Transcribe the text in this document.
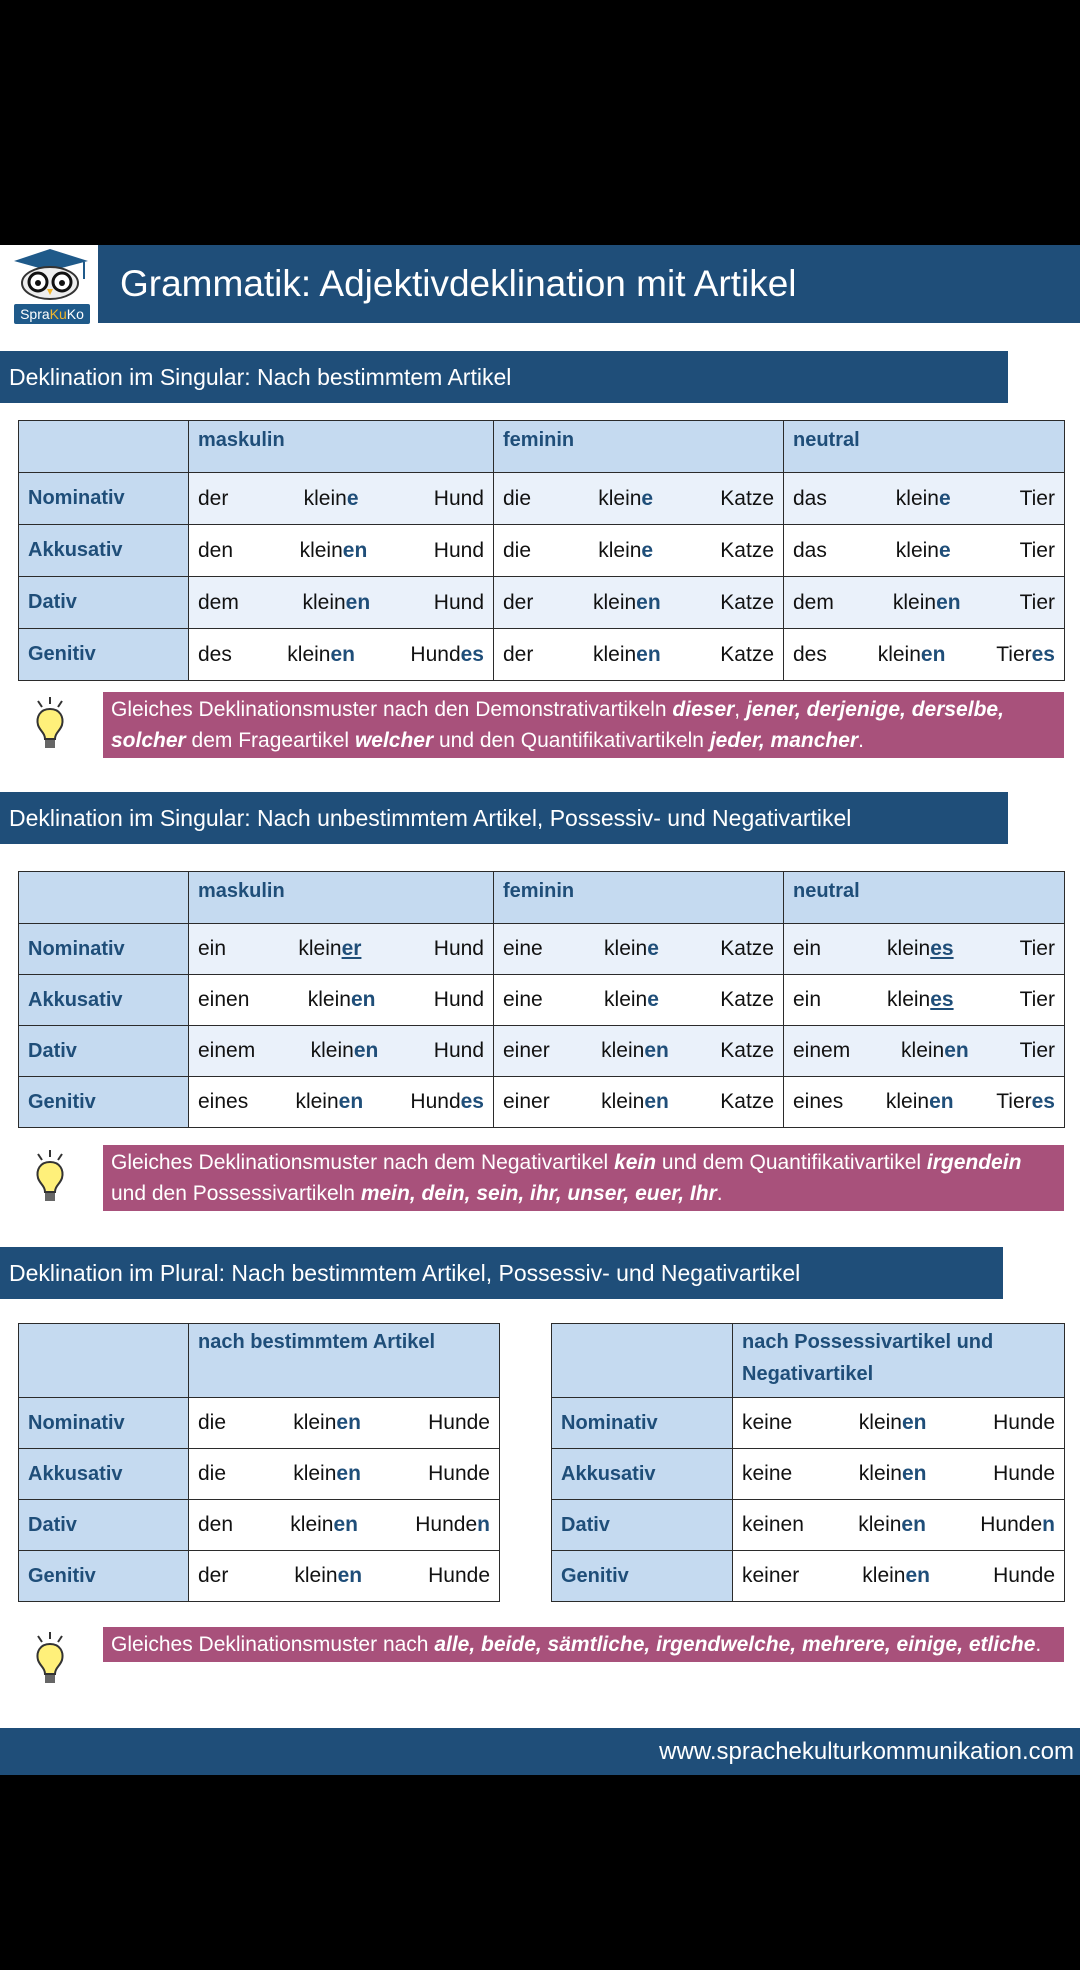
SpraKuKo
Grammatik: Adjektivdeklination mit Artikel
Deklination im Singular: Nach bestimmtem Artikel
	maskulin	feminin	neutral
Nominativ	der kleine Hund	die kleine Katze	das kleine Tier

Akkusativ	den kleinen Hund	die kleine Katze	das kleine Tier

Dativ	dem kleinen Hund	der kleinen Katze	dem kleinen Tier

Genitiv	des kleinen Hundes	der kleinen Katze	des kleinen Tieres
Gleiches Deklinationsmuster nach den Demonstrativartikeln dieser, jener, derjenige, derselbe, solcher dem Frageartikel welcher und den Quantifikativartikeln jeder, mancher.
Deklination im Singular: Nach unbestimmtem Artikel, Possessiv- und Negativartikel
	maskulin	feminin	neutral
Nominativ	ein kleiner Hund	eine kleine Katze	ein kleines Tier

Akkusativ	einen kleinen Hund	eine kleine Katze	ein kleines Tier

Dativ	einem kleinen Hund	einer kleinen Katze	einem kleinen Tier

Genitiv	eines kleinen Hundes	einer kleinen Katze	eines kleinen Tieres
Gleiches Deklinationsmuster nach dem Negativartikel kein und dem Quantifikativartikel irgendein und den Possessivartikeln mein, dein, sein, ihr, unser, euer, Ihr.
Deklination im Plural: Nach bestimmtem Artikel, Possessiv- und Negativartikel
	nach bestimmtem Artikel
Nominativ	die kleinen Hunde

Akkusativ	die kleinen Hunde

Dativ	den kleinen Hunden

Genitiv	der kleinen Hunde
	nach Possessivartikel und Negativartikel
Nominativ	keine kleinen Hunde

Akkusativ	keine kleinen Hunde

Dativ	keinen kleinen Hunden

Genitiv	keiner kleinen Hunde
Gleiches Deklinationsmuster nach alle, beide, sämtliche, irgendwelche, mehrere, einige, etliche.
www.sprachekulturkommunikation.com
